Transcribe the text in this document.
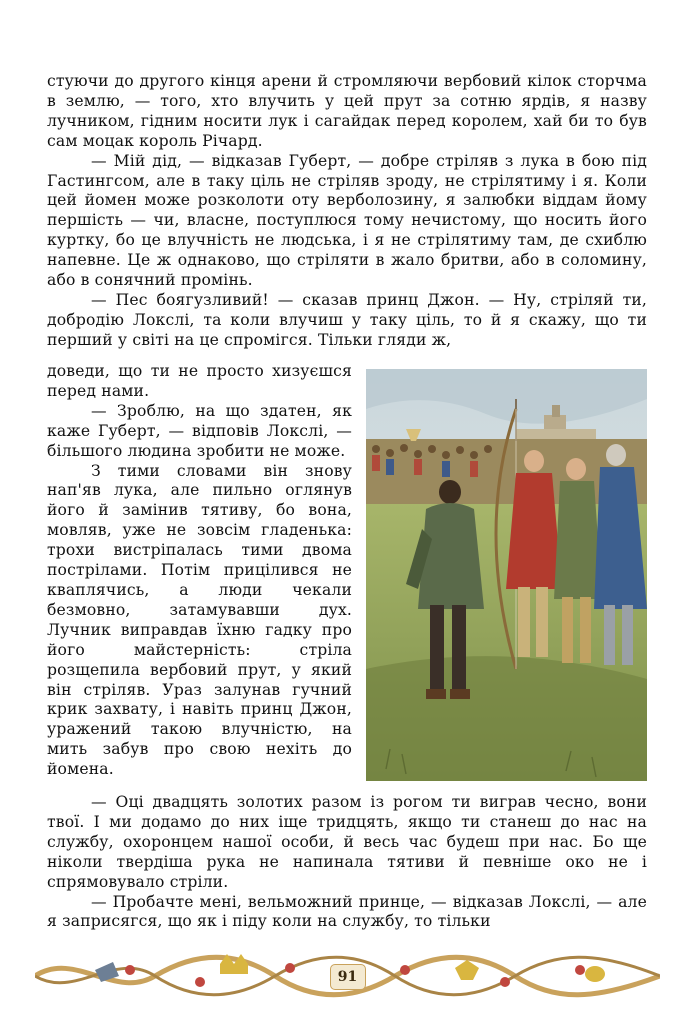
стуючи до другого кінця арени й стромляючи вербовий кілок сторчма в землю, — того, хто влучить у цей прут за сотню ярдів, я назву лучником, гідним носити лук і сагайдак перед королем, хай би то був сам моцак король Річард.

— Мій дід, — відказав Губерт, — добре стріляв з лука в бою під Гастингсом, але в таку ціль не стріляв зроду, не стрілятиму і я. Коли цей йомен може розколоти оту верболозину, я залюбки віддам йому першість — чи, власне, поступлюся тому нечистому, що носить його куртку, бо це влучність не людська, і я не стрілятиму там, де схиблю напевне. Це ж однаково, що стріляти в жало бритви, або в соломину, або в сонячний промінь.

— Пес боягузливий! — сказав принц Джон. — Ну, стріляй ти, добродію Локслі, та коли влучиш у таку ціль, то й я скажу, що ти перший у світі на це спромігся. Тільки гляди ж,

доведи, що ти не просто хизуєшся перед нами.

— Зроблю, на що здатен, як каже Губерт, — відповів Локслі, — більшого людина зробити не може.

З тими словами він знову нап'яв лука, але пильно оглянув його й замінив тятиву, бо вона, мовляв, уже не зовсім гладенька: трохи вистріпалась тими двома пострілами. Потім прицілився не кваплячись, а люди чекали безмовно, затамувавши дух. Лучник виправдав їхню гадку про його майстерність: стріла розщепила вербовий прут, у який він стріляв. Ураз залунав гучний крик захвату, і навіть принц Джон, уражений такою влучністю, на мить забув про свою нехіть до йомена.

— Оці двадцять золотих разом із рогом ти виграв чесно, вони твої. І ми додамо до них іще тридцять, якщо ти станеш до нас на службу, охоронцем нашої особи, й весь час будеш при нас. Бо ще ніколи твердіша рука не напинала тятиви й певніше око не і спрямовувало стріли.

— Пробачте мені, вельможний принце, — відказав Локслі, — але я заприсягся, що як і піду коли на службу, то тільки

91
